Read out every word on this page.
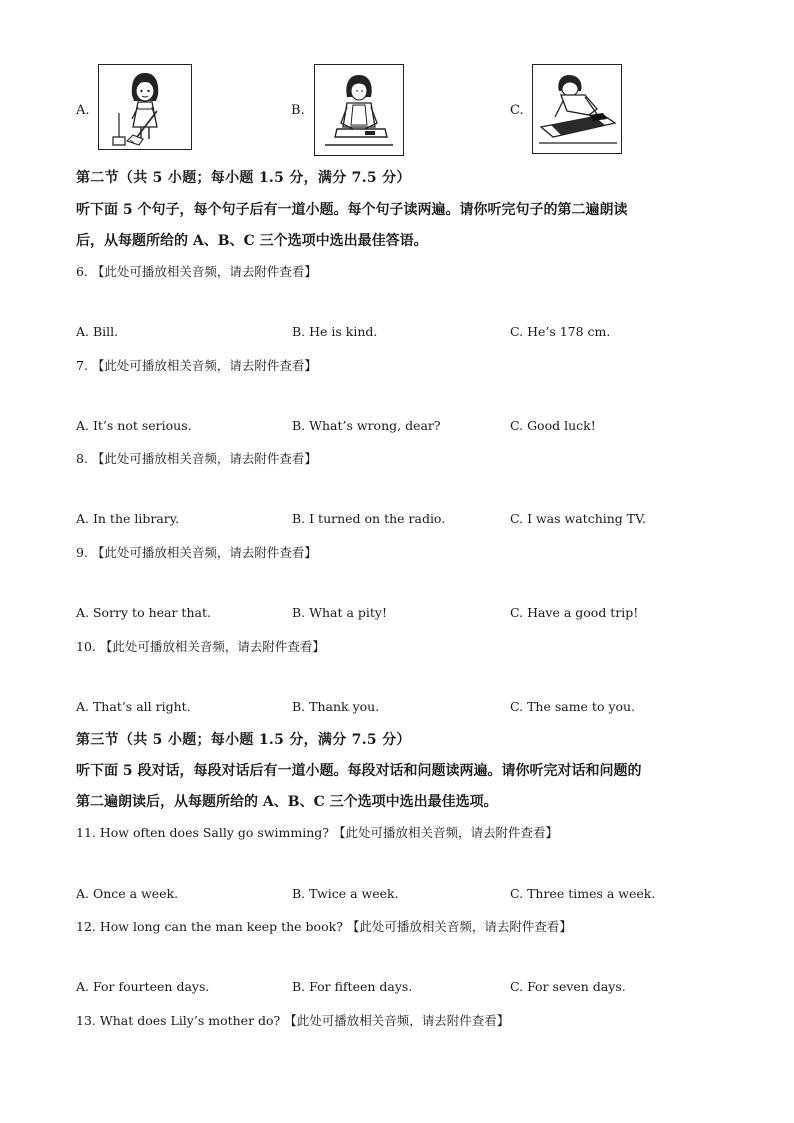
A.	B.	C.
第二节（共 5 小题；每小题 1.5 分，满分 7.5 分）
听下面 5 个句子，每个句子后有一道小题。每个句子读两遍。请你听完句子的第二遍朗读
后，从每题所给的 A、B、C 三个选项中选出最佳答语。
6. 【此处可播放相关音频，请去附件查看】
A. Bill.	B. He is kind.	C. He’s 178 cm.
7. 【此处可播放相关音频，请去附件查看】
A. It’s not serious.	B. What’s wrong, dear?	C. Good luck!
8. 【此处可播放相关音频，请去附件查看】
A. In the library.	B. I turned on the radio.	C. I was watching TV.
9. 【此处可播放相关音频，请去附件查看】
A. Sorry to hear that.	B. What a pity!	C. Have a good trip!
10. 【此处可播放相关音频，请去附件查看】
A. That’s all right.	B. Thank you.	C. The same to you.
第三节（共 5 小题；每小题 1.5 分，满分 7.5 分）
听下面 5 段对话，每段对话后有一道小题。每段对话和问题读两遍。请你听完对话和问题的
第二遍朗读后，从每题所给的 A、B、C 三个选项中选出最佳选项。
11. How often does Sally go swimming? 【此处可播放相关音频，请去附件查看】
A. Once a week.	B. Twice a week.	C. Three times a week.
12. How long can the man keep the book? 【此处可播放相关音频，请去附件查看】
A. For fourteen days.	B. For fifteen days.	C. For seven days.
13. What does Lily’s mother do? 【此处可播放相关音频，请去附件查看】
